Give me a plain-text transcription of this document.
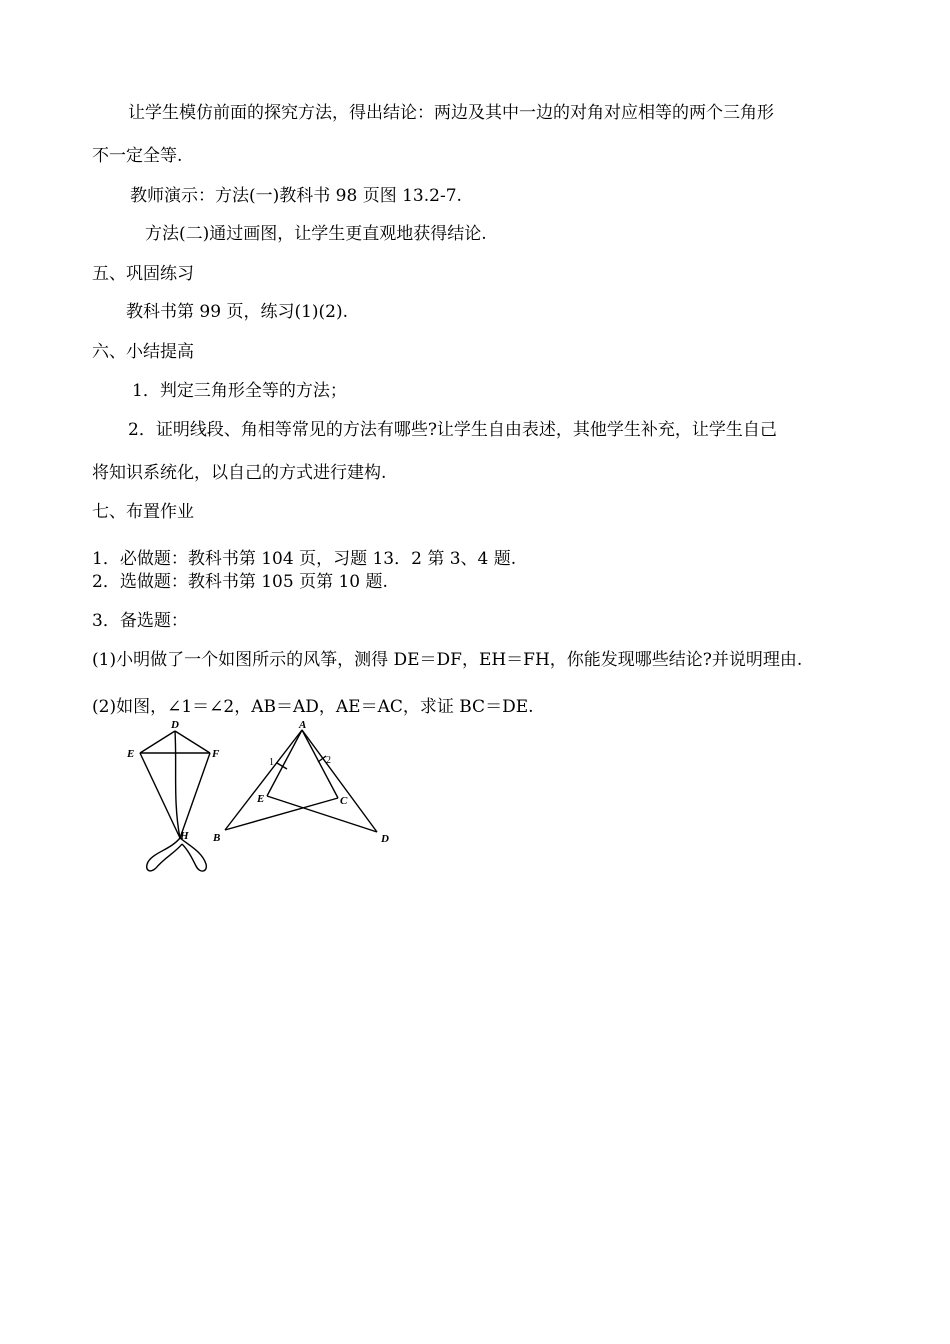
让学生模仿前面的探究方法，得出结论：两边及其中一边的对角对应相等的两个三角形
不一定全等.
教师演示：方法(一)教科书 98 页图 13.2-7.
方法(二)通过画图，让学生更直观地获得结论.
五、巩固练习
教科书第 99 页，练习(1)(2).
六、小结提高
1．判定三角形全等的方法；
2．证明线段、角相等常见的方法有哪些?让学生自由表述，其他学生补充，让学生自己
将知识系统化，以自己的方式进行建构.
七、布置作业
1．必做题：教科书第 104 页，习题 13．2 第 3、4 题.
2．选做题：教科书第 105 页第 10 题.
3．备选题：
(1)小明做了一个如图所示的风筝，测得 DE＝DF，EH＝FH，你能发现哪些结论?并说明理由.
(2)如图，∠1＝∠2，AB＝AD，AE＝AC，求证 BC＝DE.
D
E	F
H
A
B
C
D
E
1	2
